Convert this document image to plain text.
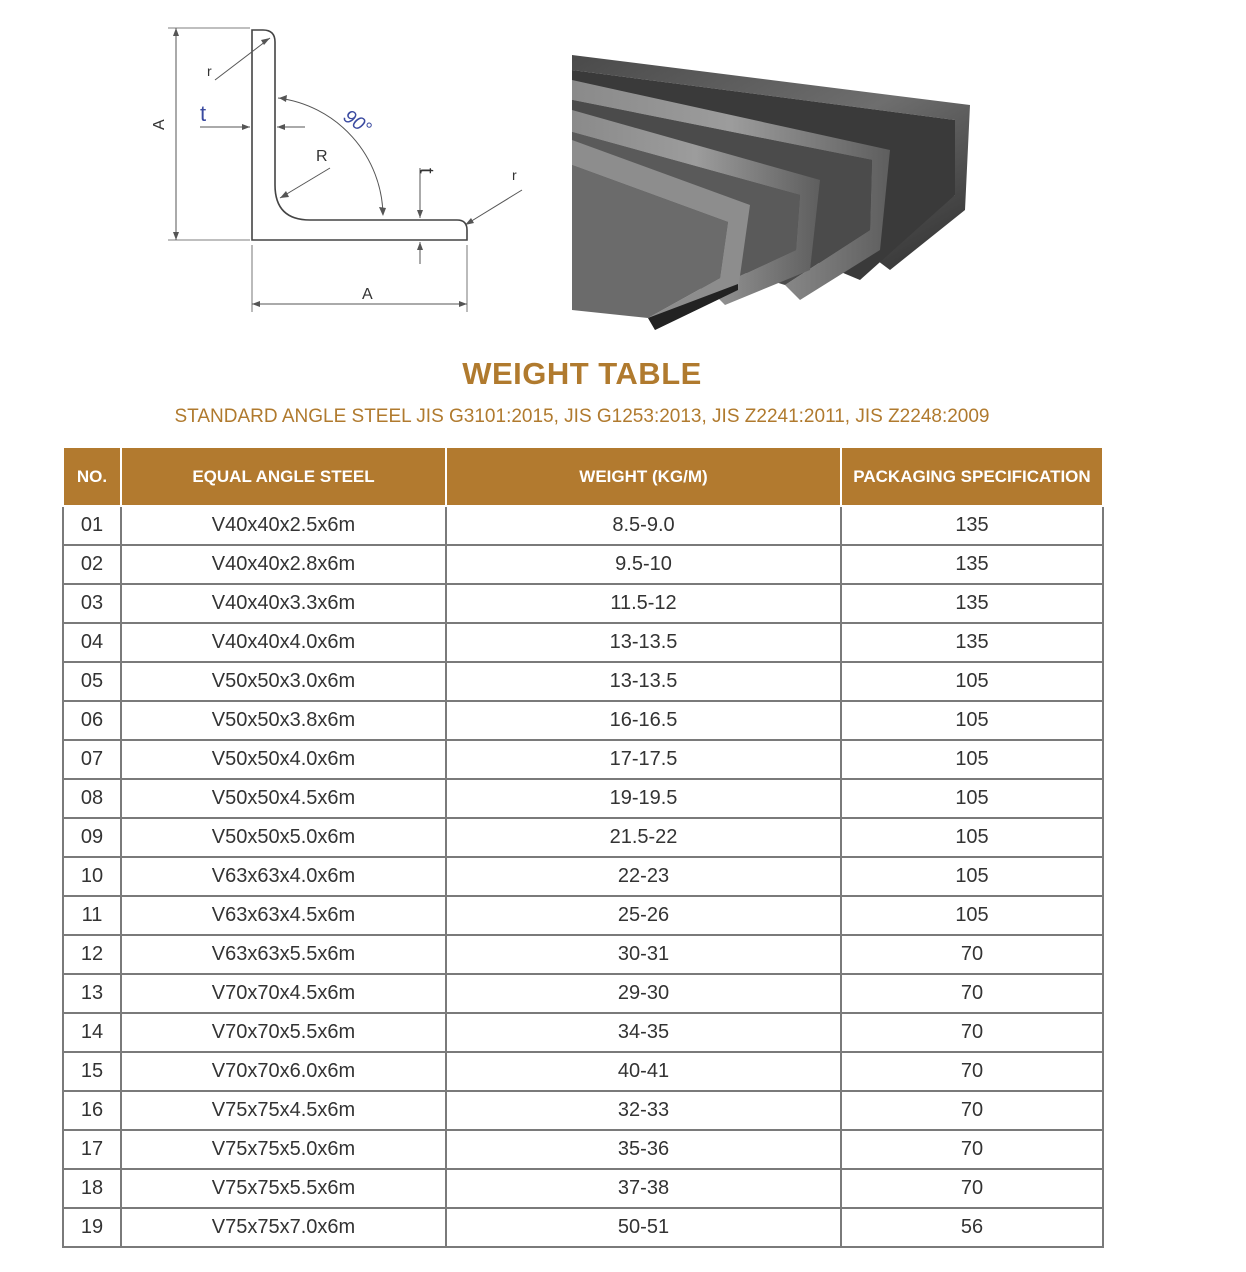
A
A
t
t
90°
R
r
r
WEIGHT TABLE
STANDARD ANGLE STEEL JIS G3101:2015, JIS G1253:2013, JIS Z2241:2011, JIS Z2248:2009
NO.	EQUAL ANGLE STEEL	WEIGHT (KG/M)	PACKAGING SPECIFICATION
01	V40x40x2.5x6m	8.5-9.0	135
02	V40x40x2.8x6m	9.5-10	135
03	V40x40x3.3x6m	11.5-12	135
04	V40x40x4.0x6m	13-13.5	135
05	V50x50x3.0x6m	13-13.5	105
06	V50x50x3.8x6m	16-16.5	105
07	V50x50x4.0x6m	17-17.5	105
08	V50x50x4.5x6m	19-19.5	105
09	V50x50x5.0x6m	21.5-22	105
10	V63x63x4.0x6m	22-23	105
11	V63x63x4.5x6m	25-26	105
12	V63x63x5.5x6m	30-31	70
13	V70x70x4.5x6m	29-30	70
14	V70x70x5.5x6m	34-35	70
15	V70x70x6.0x6m	40-41	70
16	V75x75x4.5x6m	32-33	70
17	V75x75x5.0x6m	35-36	70
18	V75x75x5.5x6m	37-38	70
19	V75x75x7.0x6m	50-51	56
